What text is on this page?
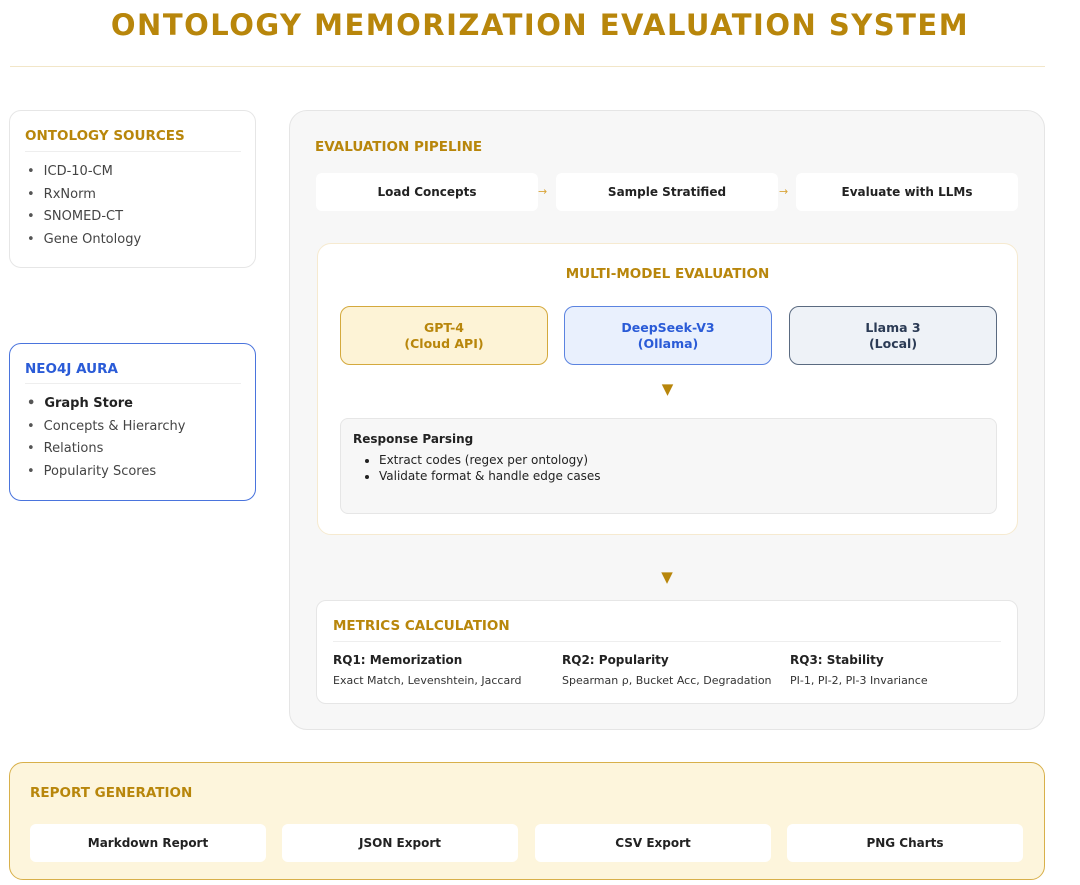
ONTOLOGY MEMORIZATION EVALUATION SYSTEM
ONTOLOGY SOURCES
• ICD-10-CM
• RxNorm
• SNOMED-CT
• Gene Ontology
NEO4J AURA
• Graph Store
• Concepts & Hierarchy
• Relations
• Popularity Scores
EVALUATION PIPELINE
Load Concepts	→	Sample Stratified	→	Evaluate with LLMs
MULTI-MODEL EVALUATION
GPT-4
(Cloud API)
DeepSeek-V3
(Ollama)
Llama 3
(Local)
▼
Response Parsing
• Extract codes (regex per ontology)
• Validate format & handle edge cases
▼
METRICS CALCULATION
RQ1: Memorization
Exact Match, Levenshtein, Jaccard
RQ2: Popularity
Spearman ρ, Bucket Acc, Degradation
RQ3: Stability
PI-1, PI-2, PI-3 Invariance
REPORT GENERATION
Markdown Report	JSON Export	CSV Export	PNG Charts
